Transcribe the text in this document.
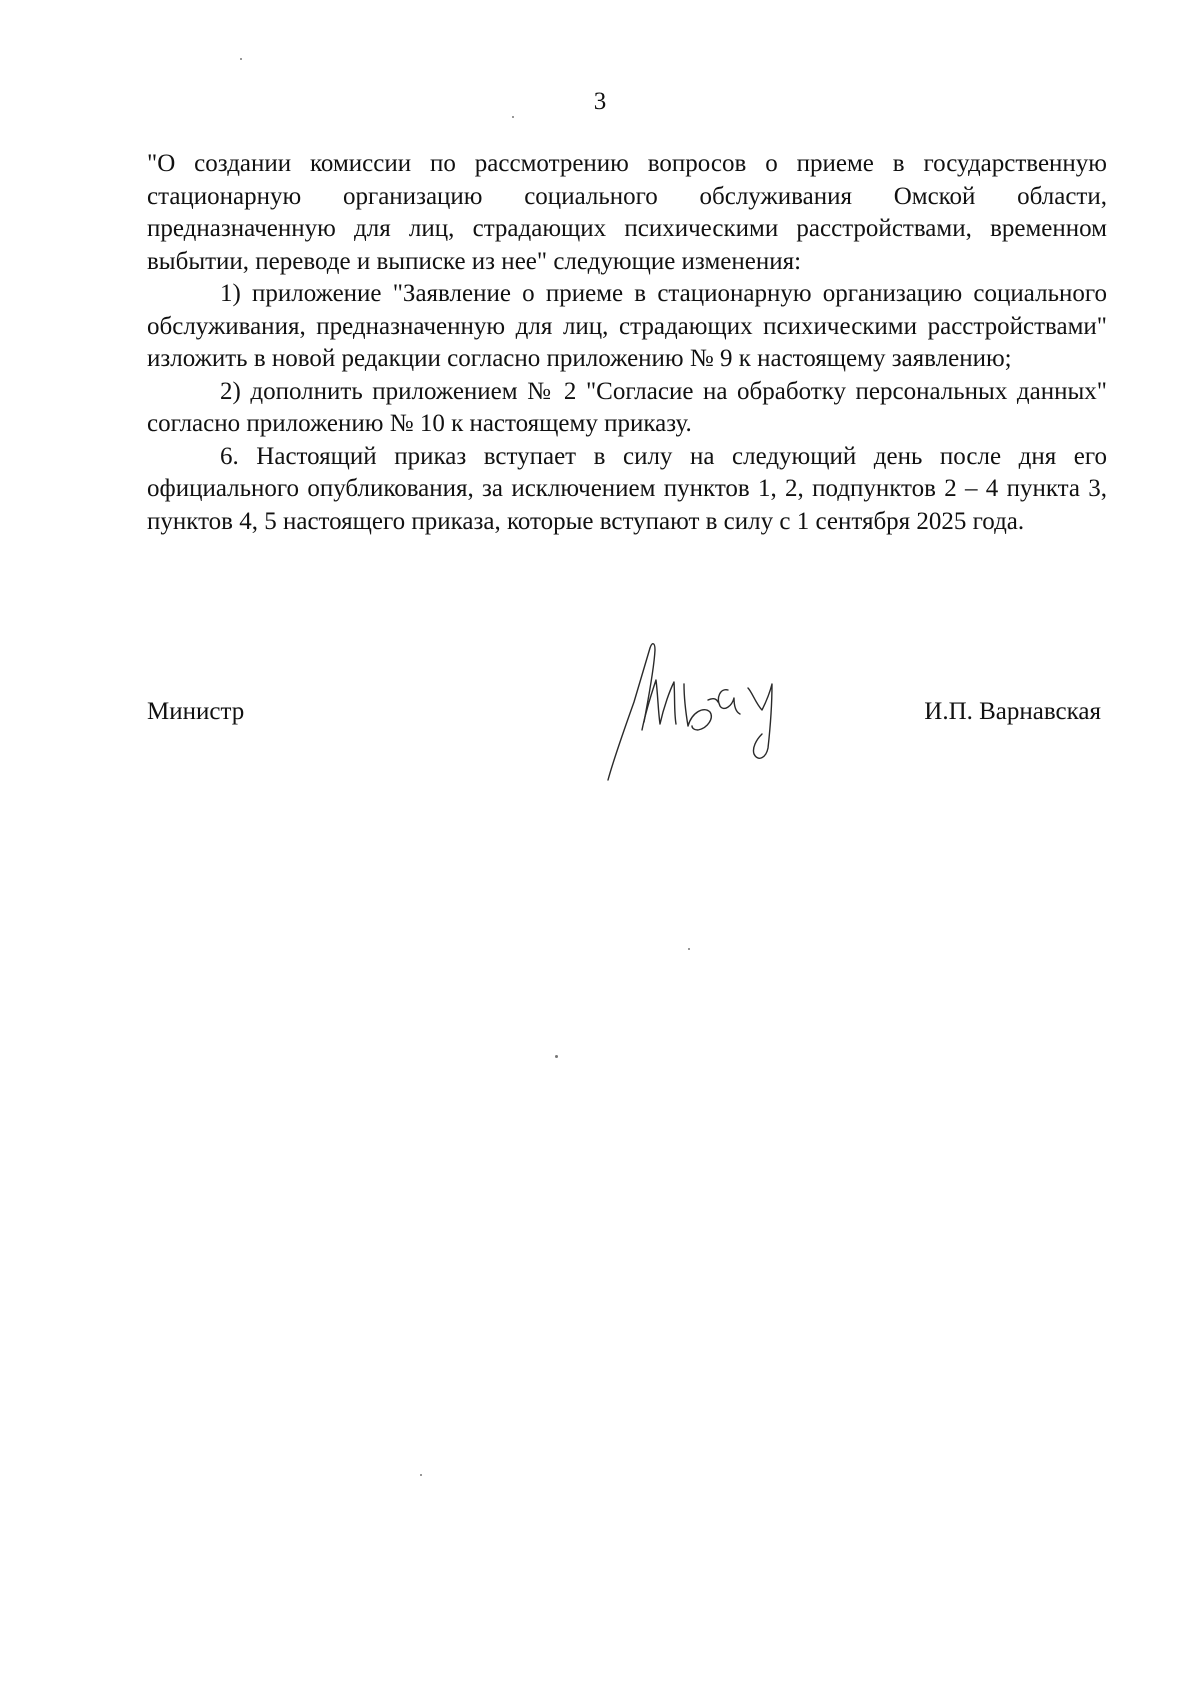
3

"О создании комиссии по рассмотрению вопросов о приеме в государственную стационарную организацию социального обслуживания Омской области, предназначенную для лиц, страдающих психическими расстройствами, временном выбытии, переводе и выписке из нее" следующие изменения:

1) приложение "Заявление о приеме в стационарную организацию социального обслуживания, предназначенную для лиц, страдающих психическими расстройствами" изложить в новой редакции согласно приложению № 9 к настоящему заявлению;

2) дополнить приложением № 2 "Согласие на обработку персональных данных" согласно приложению № 10 к настоящему приказу.

6. Настоящий приказ вступает в силу на следующий день после дня его официального опубликования, за исключением пунктов 1, 2, подпунктов 2 – 4 пункта 3, пунктов 4, 5 настоящего приказа, которые вступают в силу с 1 сентября 2025 года.

Министр	И.П. Варнавская
